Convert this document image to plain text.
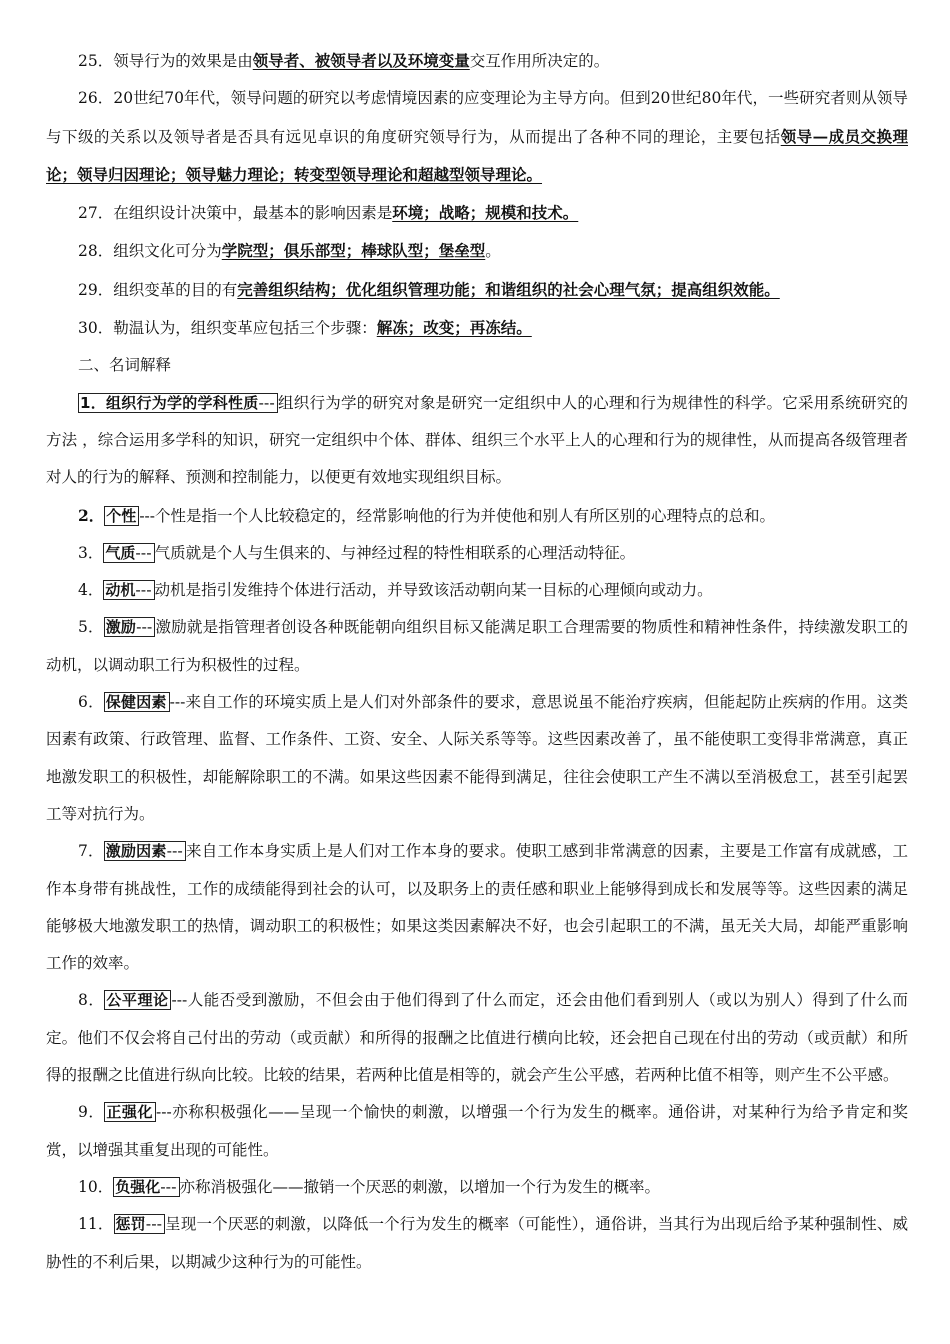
25．领导行为的效果是由领导者、被领导者以及环境变量交互作用所决定的。

26．20世纪70年代，领导问题的研究以考虑情境因素的应变理论为主导方向。但到20世纪80年代，一些研究者则从领导与下级的关系以及领导者是否具有远见卓识的角度研究领导行为，从而提出了各种不同的理论，主要包括领导—成员交换理论；领导归因理论；领导魅力理论；转变型领导理论和超越型领导理论。

27．在组织设计决策中，最基本的影响因素是环境；战略；规模和技术。

28．组织文化可分为学院型；俱乐部型；棒球队型；堡垒型。

29．组织变革的目的有完善组织结构；优化组织管理功能；和谐组织的社会心理气氛；提高组织效能。

30．勒温认为，组织变革应包括三个步骤：解冻；改变；再冻结。

二、名词解释

1．组织行为学的学科性质--- 组织行为学的研究对象是研究一定组织中人的心理和行为规律性的科学。它采用系统研究的方法 ，综合运用多学科的知识，研究一定组织中个体、群体、组织三个水平上人的心理和行为的规律性，从而提高各级管理者对人的行为的解释、预测和控制能力，以便更有效地实现组织目标。

2． 个性 ---个性是指一个人比较稳定的，经常影响他的行为并使他和别人有所区别的心理特点的总和。

3． 气质--- 气质就是个人与生俱来的、与神经过程的特性相联系的心理活动特征。

4． 动机--- 动机是指引发维持个体进行活动，并导致该活动朝向某一目标的心理倾向或动力。

5． 激励--- 激励就是指管理者创设各种既能朝向组织目标又能满足职工合理需要的物质性和精神性条件，持续激发职工的动机，以调动职工行为积极性的过程。

6． 保健因素 ---来自工作的环境实质上是人们对外部条件的要求，意思说虽不能治疗疾病，但能起防止疾病的作用。这类因素有政策、行政管理、监督、工作条件、工资、安全、人际关系等等。这些因素改善了，虽不能使职工变得非常满意，真正地激发职工的积极性，却能解除职工的不满。如果这些因素不能得到满足，往往会使职工产生不满以至消极怠工，甚至引起罢工等对抗行为。

7． 激励因素--- 来自工作本身实质上是人们对工作本身的要求。使职工感到非常满意的因素，主要是工作富有成就感，工作本身带有挑战性，工作的成绩能得到社会的认可，以及职务上的责任感和职业上能够得到成长和发展等等。这些因素的满足能够极大地激发职工的热情，调动职工的积极性；如果这类因素解决不好，也会引起职工的不满，虽无关大局，却能严重影响工作的效率。

8． 公平理论 ---人能否受到激励，不但会由于他们得到了什么而定，还会由他们看到别人（或以为别人）得到了什么而定。他们不仅会将自己付出的劳动（或贡献）和所得的报酬之比值进行横向比较，还会把自己现在付出的劳动（或贡献）和所得的报酬之比值进行纵向比较。比较的结果，若两种比值是相等的，就会产生公平感，若两种比值不相等，则产生不公平感。

9． 正强化 ---亦称积极强化——呈现一个愉快的刺激，以增强一个行为发生的概率。通俗讲，对某种行为给予肯定和奖赏，以增强其重复出现的可能性。

10． 负强化--- 亦称消极强化——撤销一个厌恶的刺激，以增加一个行为发生的概率。

11． 惩罚--- 呈现一个厌恶的刺激，以降低一个行为发生的概率（可能性），通俗讲，当其行为出现后给予某种强制性、威胁性的不利后果，以期减少这种行为的可能性。
